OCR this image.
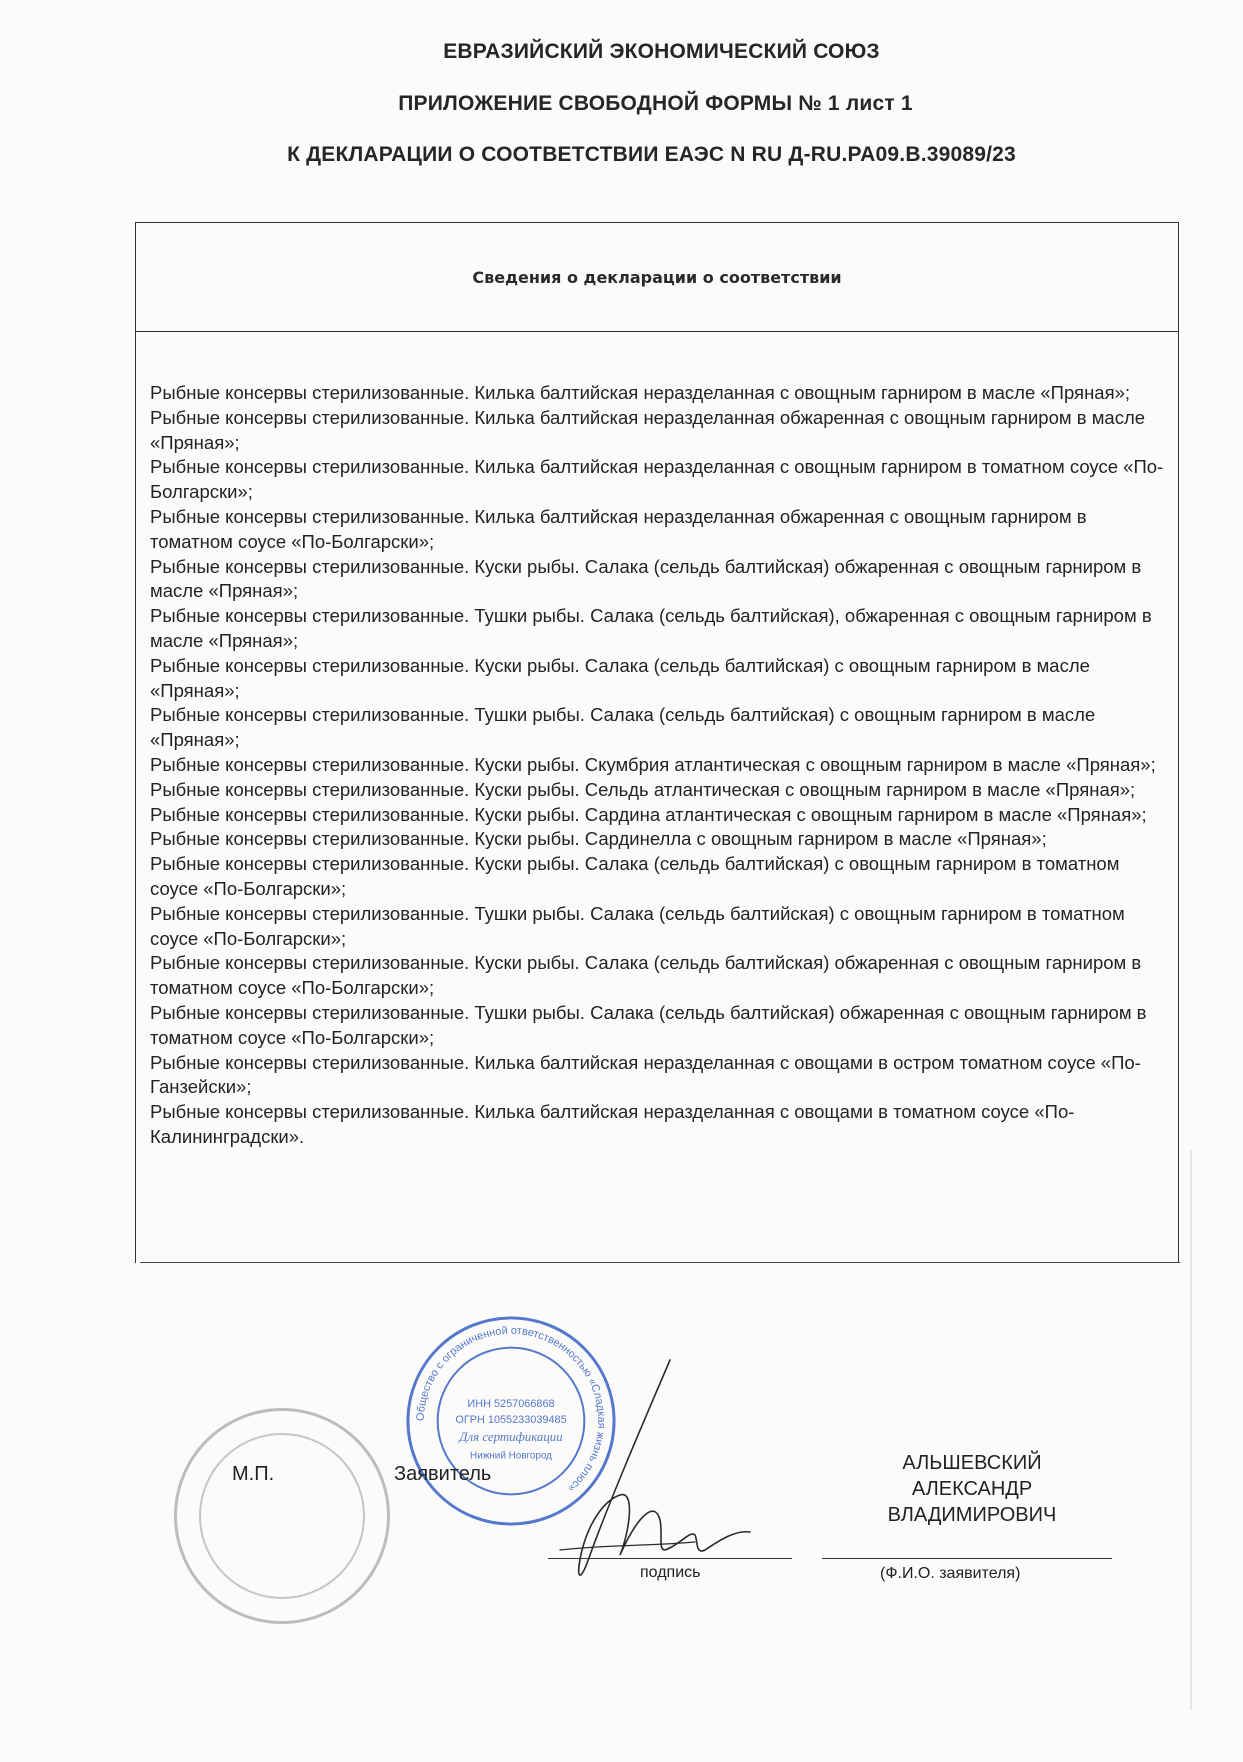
ЕВРАЗИЙСКИЙ ЭКОНОМИЧЕСКИЙ СОЮЗ
ПРИЛОЖЕНИЕ СВОБОДНОЙ ФОРМЫ № 1 лист 1
К ДЕКЛАРАЦИИ О СООТВЕТСТВИИ ЕАЭС N RU Д-RU.PA09.В.39089/23
Сведения о декларации о соответствии
Рыбные консервы стерилизованные. Килька балтийская неразделанная с овощным гарниром в масле «Пряная»;
Рыбные консервы стерилизованные. Килька балтийская неразделанная обжаренная с овощным гарниром в масле «Пряная»;
Рыбные консервы стерилизованные. Килька балтийская неразделанная с овощным гарниром в томатном соусе «По-Болгарски»;
Рыбные консервы стерилизованные. Килька балтийская неразделанная обжаренная с овощным гарниром в томатном соусе «По-Болгарски»;
Рыбные консервы стерилизованные. Куски рыбы. Салака (сельдь балтийская) обжаренная с овощным гарниром в масле «Пряная»;
Рыбные консервы стерилизованные. Тушки рыбы. Салака (сельдь балтийская), обжаренная с овощным гарниром в масле «Пряная»;
Рыбные консервы стерилизованные. Куски рыбы. Салака (сельдь балтийская) с овощным гарниром в масле «Пряная»;
Рыбные консервы стерилизованные. Тушки рыбы. Салака (сельдь балтийская) с овощным гарниром в масле «Пряная»;
Рыбные консервы стерилизованные. Куски рыбы. Скумбрия атлантическая с овощным гарниром в масле «Пряная»;
Рыбные консервы стерилизованные. Куски рыбы. Сельдь атлантическая с овощным гарниром в масле «Пряная»;
Рыбные консервы стерилизованные. Куски рыбы. Сардина атлантическая с овощным гарниром в масле «Пряная»;
Рыбные консервы стерилизованные. Куски рыбы. Сардинелла с овощным гарниром в масле «Пряная»;
Рыбные консервы стерилизованные. Куски рыбы. Салака (сельдь балтийская) с овощным гарниром в томатном соусе «По-Болгарски»;
Рыбные консервы стерилизованные. Тушки рыбы. Салака (сельдь балтийская) с овощным гарниром в томатном соусе «По-Болгарски»;
Рыбные консервы стерилизованные. Куски рыбы. Салака (сельдь балтийская) обжаренная с овощным гарниром в томатном соусе «По-Болгарски»;
Рыбные консервы стерилизованные. Тушки рыбы. Салака (сельдь балтийская) обжаренная с овощным гарниром в томатном соусе «По-Болгарски»;
Рыбные консервы стерилизованные. Килька балтийская неразделанная с овощами в остром томатном соусе «По-Ганзейски»;
Рыбные консервы стерилизованные. Килька балтийская неразделанная с овощами в томатном соусе «По-Калининградски».
Общество с ограниченной ответственностью «Сладкая жизнь плюс»
ИНН 5257066868
ОГРН 1055233039485
Для сертификации
Нижний Новгород
М.П.	Заявитель
подпись
АЛЬШЕВСКИЙ
АЛЕКСАНДР
ВЛАДИМИРОВИЧ
(Ф.И.О. заявителя)
